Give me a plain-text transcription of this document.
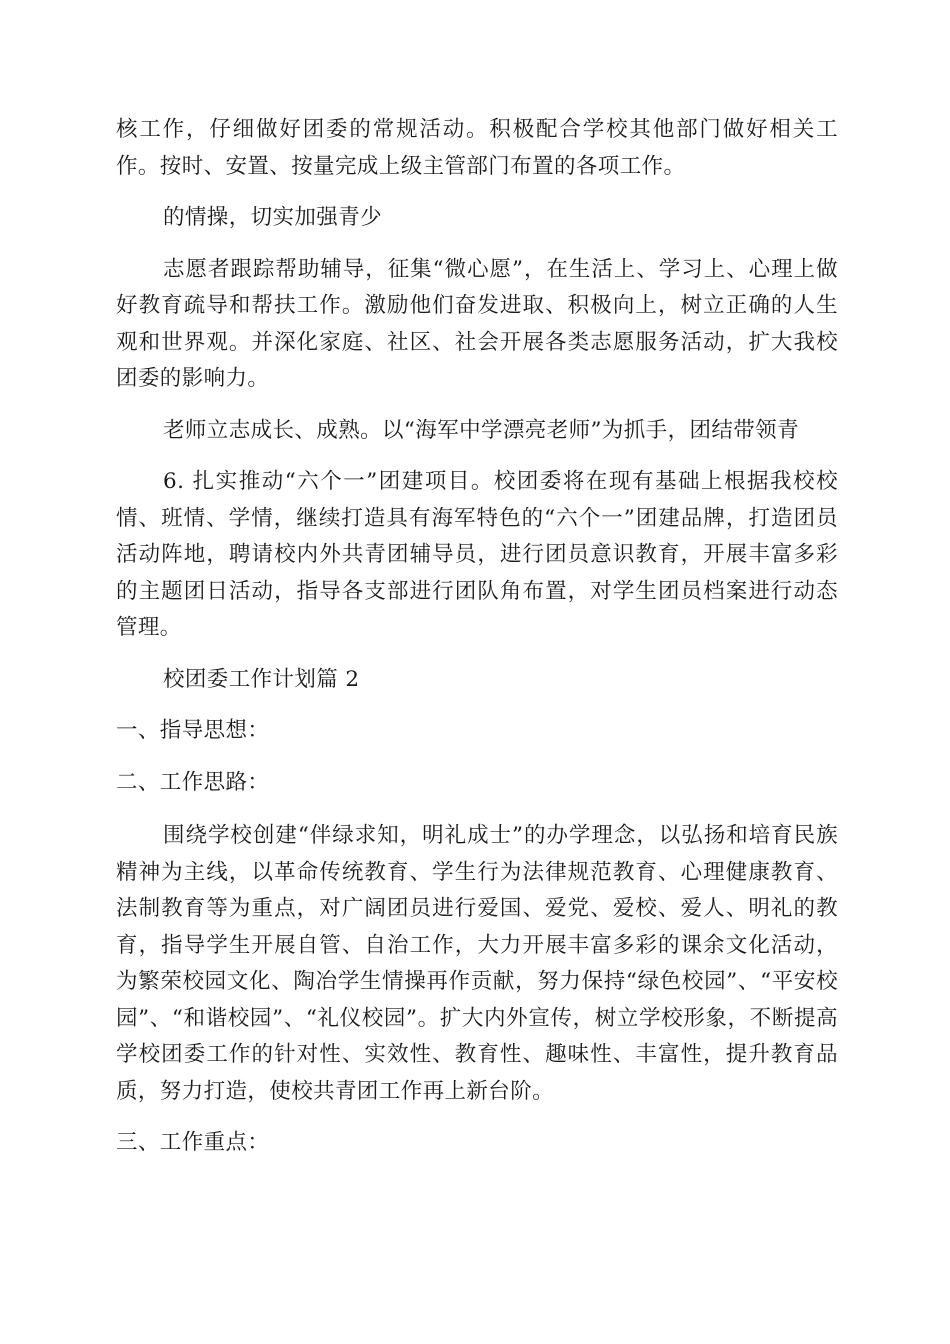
核工作，仔细做好团委的常规活动。积极配合学校其他部门做好相关工作。按时、安置、按量完成上级主管部门布置的各项工作。

的情操，切实加强青少

志愿者跟踪帮助辅导，征集“微心愿”，在生活上、学习上、心理上做好教育疏导和帮扶工作。激励他们奋发进取、积极向上，树立正确的人生观和世界观。并深化家庭、社区、社会开展各类志愿服务活动，扩大我校团委的影响力。

老师立志成长、成熟。以“海军中学漂亮老师”为抓手，团结带领青

6. 扎实推动“六个一”团建项目。校团委将在现有基础上根据我校校情、班情、学情，继续打造具有海军特色的“六个一”团建品牌，打造团员活动阵地，聘请校内外共青团辅导员，进行团员意识教育，开展丰富多彩的主题团日活动，指导各支部进行团队角布置，对学生团员档案进行动态管理。

校团委工作计划篇 2

一、指导思想：

二、工作思路：

围绕学校创建“伴绿求知，明礼成士”的办学理念，以弘扬和培育民族精神为主线，以革命传统教育、学生行为法律规范教育、心理健康教育、法制教育等为重点，对广阔团员进行爱国、爱党、爱校、爱人、明礼的教育，指导学生开展自管、自治工作，大力开展丰富多彩的课余文化活动，为繁荣校园文化、陶冶学生情操再作贡献，努力保持“绿色校园”、“平安校园”、“和谐校园”、“礼仪校园”。扩大内外宣传，树立学校形象，不断提高学校团委工作的针对性、实效性、教育性、趣味性、丰富性，提升教育品质，努力打造，使校共青团工作再上新台阶。

三、工作重点：
